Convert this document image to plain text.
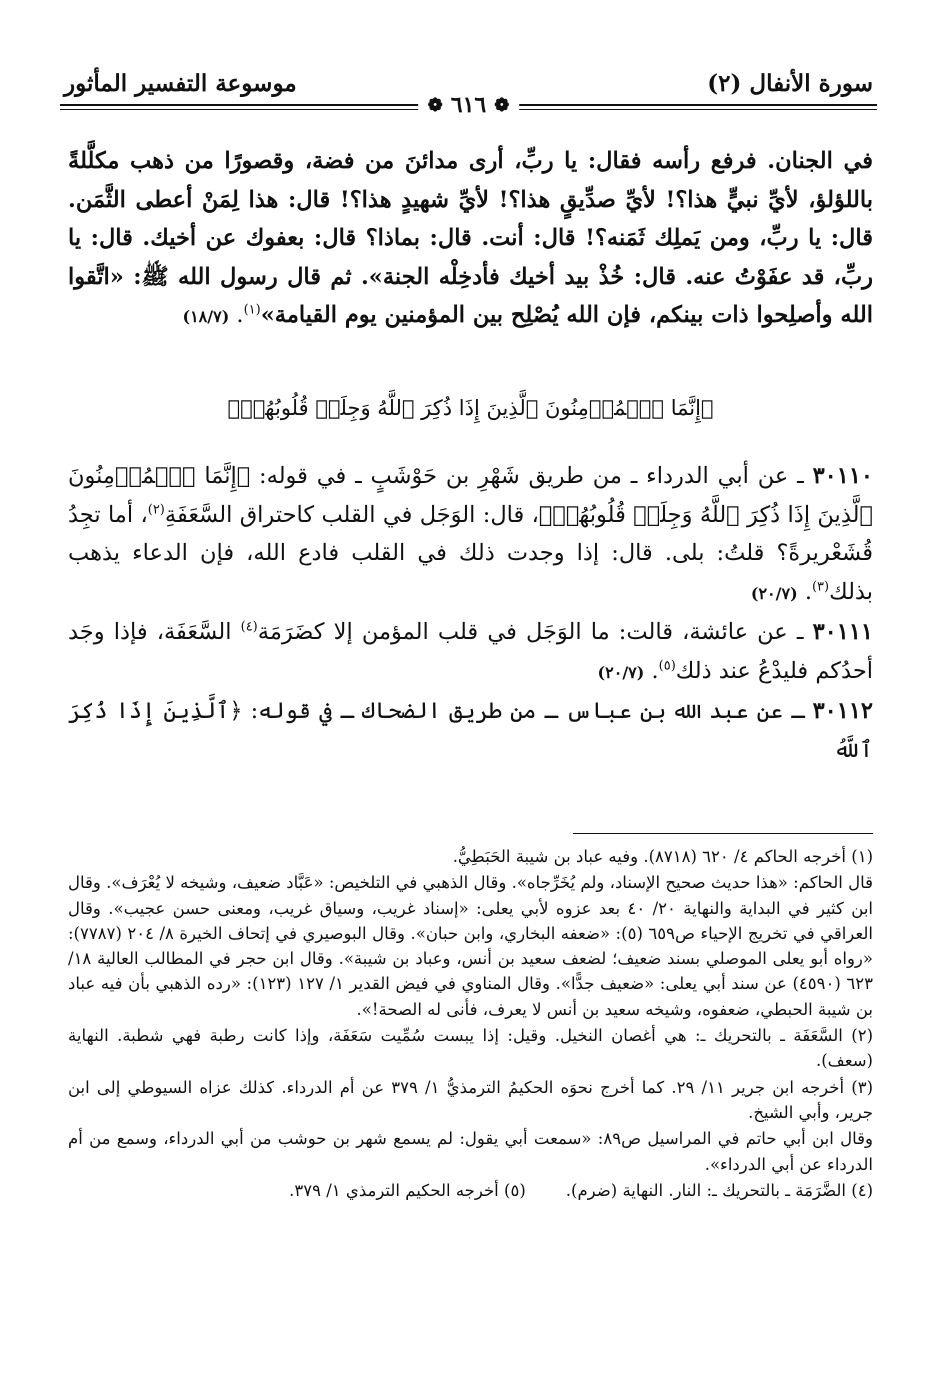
سورة الأنفال (٢)
موسوعة التفسير المأثور
❁
٦١٦
❁

في الجنان. فرفع رأسه فقال: يا ربِّ، أرى مدائنَ من فضة، وقصورًا من ذهب مكلَّلةً باللؤلؤ، لأيِّ نبيٍّ هذا؟! لأيِّ صدِّيقٍ هذا؟! لأيِّ شهيدٍ هذا؟! قال: هذا لِمَنْ أعطى الثَّمَن. قال: يا ربِّ، ومن يَملِك ثَمَنه؟! قال: أنت. قال: بماذا؟ قال: بعفوك عن أخيك. قال: يا ربِّ، قد عفَوْتُ عنه. قال: خُذْ بيد أخيك فأدخِلْه الجنة». ثم قال رسول الله ﷺ: «اتَّقوا الله وأصلِحوا ذات بينكم، فإن الله يُصْلِح بين المؤمنين يوم القيامة»$^{(١)}$. (١٨/٧)

﴿إِنَّمَا ٱلۡمُؤۡمِنُونَ ٱلَّذِينَ إِذَا ذُكِرَ ٱللَّهُ وَجِلَتۡ قُلُوبُهُمۡ﴾

٣٠١١٠ ـ عن أبي الدرداء ـ من طريق شَهْرِ بن حَوْشَبٍ ـ في قوله: ﴿إِنَّمَا ٱلۡمُؤۡمِنُونَ ٱلَّذِينَ إِذَا ذُكِرَ ٱللَّهُ وَجِلَتۡ قُلُوبُهُمۡ﴾، قال: الوَجَل في القلب كاحتراق السَّعَفَةِ$^{(٢)}$، أما تجِدُ قُشَعْريرةً؟ قلتُ: بلى. قال: إذا وجدت ذلك في القلب فادع الله، فإن الدعاء يذهب بذلك$^{(٣)}$. (٢٠/٧)

٣٠١١١ ـ عن عائشة، قالت: ما الوَجَل في قلب المؤمن إلا كضَرَمَة$^{(٤)}$ السَّعَفَة، فإذا وجَد أحدُكم فليدْعُ عند ذلك$^{(٥)}$. (٢٠/٧)

٣٠١١٢ ـ عن عبد الله بن عباس ـ من طريق الضحاك ـ في قوله: ﴿ٱلَّذِينَ إِذَا ذُكِرَ ٱللَّهُ

(١) أخرجه الحاكم ٤/ ٦٢٠ (٨٧١٨). وفيه عباد بن شيبة الحَبَطِيُّ.

قال الحاكم: «هذا حديث صحيح الإسناد، ولم يُخَرِّجاه». وقال الذهبي في التلخيص: «عَبَّاد ضعيف، وشيخه لا يُعْرَف». وقال ابن كثير في البداية والنهاية ٢٠/ ٤٠ بعد عزوه لأبي يعلى: «إسناد غريب، وسياق غريب، ومعنى حسن عجيب». وقال العراقي في تخريج الإحياء ص٦٥٩ (٥): «ضعفه البخاري، وابن حبان». وقال البوصيري في إتحاف الخيرة ٨/ ٢٠٤ (٧٧٨٧): «رواه أبو يعلى الموصلي بسند ضعيف؛ لضعف سعيد بن أنس، وعباد بن شيبة». وقال ابن حجر في المطالب العالية ١٨/ ٦٢٣ (٤٥٩٠) عن سند أبي يعلى: «ضعيف جدًّا». وقال المناوي في فيض القدير ١/ ١٢٧ (١٢٣): «رده الذهبي بأن فيه عباد بن شيبة الحبطي، ضعفوه، وشيخه سعيد بن أنس لا يعرف، فأنى له الصحة!».

(٢) السَّعَفَة ـ بالتحريك ـ: هي أغصان النخيل. وقيل: إذا يبست سُمِّيت سَعَفَة، وإذا كانت رطبة فهي شطبة. النهاية (سعف).

(٣) أخرجه ابن جرير ١١/ ٢٩. كما أخرج نحوَه الحكيمُ الترمذيُّ ١/ ٣٧٩ عن أم الدرداء. كذلك عزاه السيوطي إلى ابن جرير، وأبي الشيخ.

وقال ابن أبي حاتم في المراسيل ص٨٩: «سمعت أبي يقول: لم يسمع شهر بن حوشب من أبي الدرداء، وسمع من أم الدرداء عن أبي الدرداء».

(٤) الضَّرَمَة ـ بالتحريك ـ: النار. النهاية (ضرم).
(٥) أخرجه الحكيم الترمذي ١/ ٣٧٩.
